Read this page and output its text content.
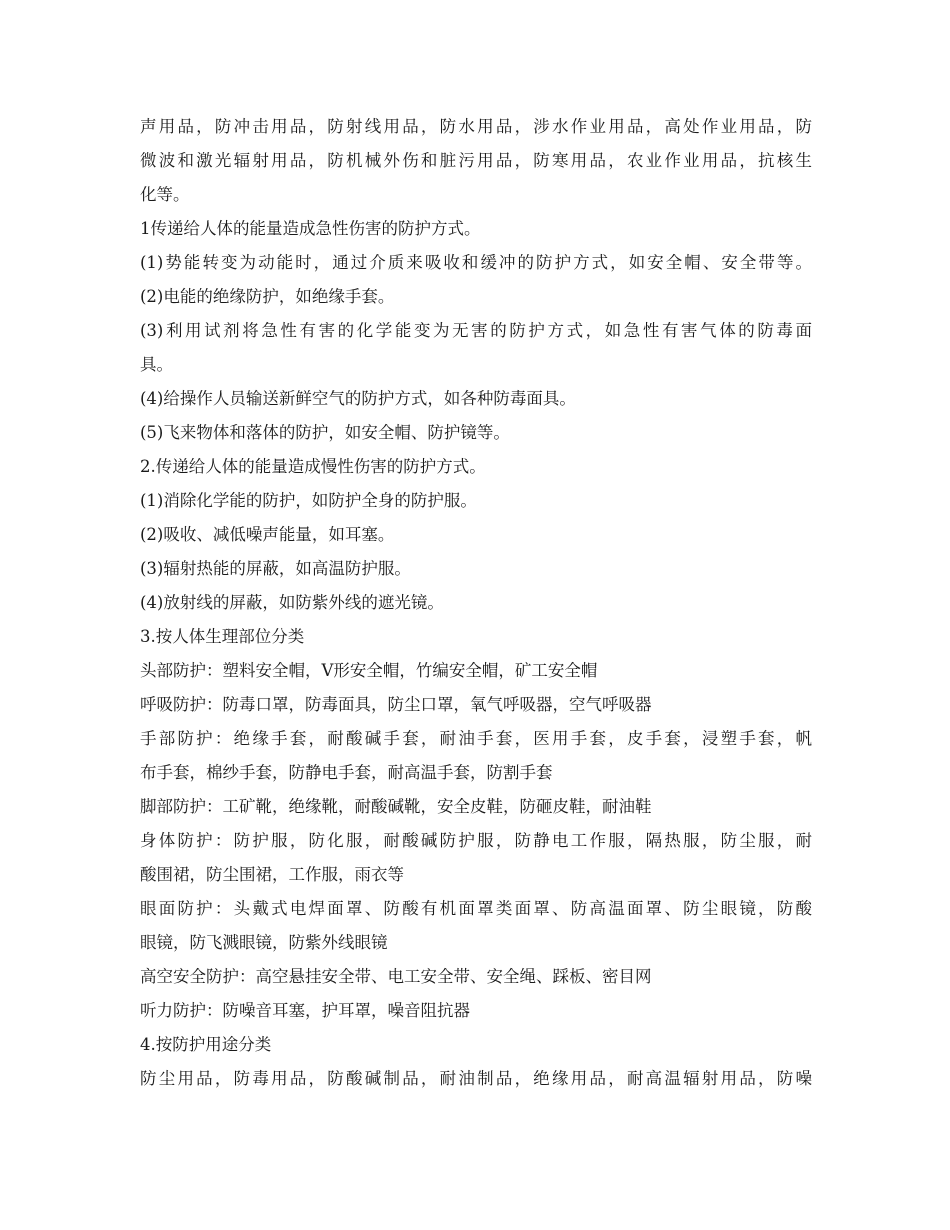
声用品，防冲击用品，防射线用品，防水用品，涉水作业用品，高处作业用品，防
微波和激光辐射用品，防机械外伤和脏污用品，防寒用品，农业作业用品，抗核生
化等。
1传递给人体的能量造成急性伤害的防护方式。
(1)势能转变为动能时，通过介质来吸收和缓冲的防护方式，如安全帽、安全带等。
(2)电能的绝缘防护，如绝缘手套。
(3)利用试剂将急性有害的化学能变为无害的防护方式，如急性有害气体的防毒面
具。
(4)给操作人员输送新鲜空气的防护方式，如各种防毒面具。
(5)飞来物体和落体的防护，如安全帽、防护镜等。
2.传递给人体的能量造成慢性伤害的防护方式。
(1)消除化学能的防护，如防护全身的防护服。
(2)吸收、减低噪声能量，如耳塞。
(3)辐射热能的屏蔽，如高温防护服。
(4)放射线的屏蔽，如防紫外线的遮光镜。
3.按人体生理部位分类
头部防护：塑料安全帽，V形安全帽，竹编安全帽，矿工安全帽
呼吸防护：防毒口罩，防毒面具，防尘口罩，氧气呼吸器，空气呼吸器
手部防护：绝缘手套，耐酸碱手套，耐油手套，医用手套，皮手套，浸塑手套，帆
布手套，棉纱手套，防静电手套，耐高温手套，防割手套
脚部防护：工矿靴，绝缘靴，耐酸碱靴，安全皮鞋，防砸皮鞋，耐油鞋
身体防护：防护服，防化服，耐酸碱防护服，防静电工作服，隔热服，防尘服，耐
酸围裙，防尘围裙，工作服，雨衣等
眼面防护：头戴式电焊面罩、防酸有机面罩类面罩、防高温面罩、防尘眼镜，防酸
眼镜，防飞溅眼镜，防紫外线眼镜
高空安全防护：高空悬挂安全带、电工安全带、安全绳、踩板、密目网
听力防护：防噪音耳塞，护耳罩，噪音阻抗器
4.按防护用途分类
防尘用品，防毒用品，防酸碱制品，耐油制品，绝缘用品，耐高温辐射用品，防噪
